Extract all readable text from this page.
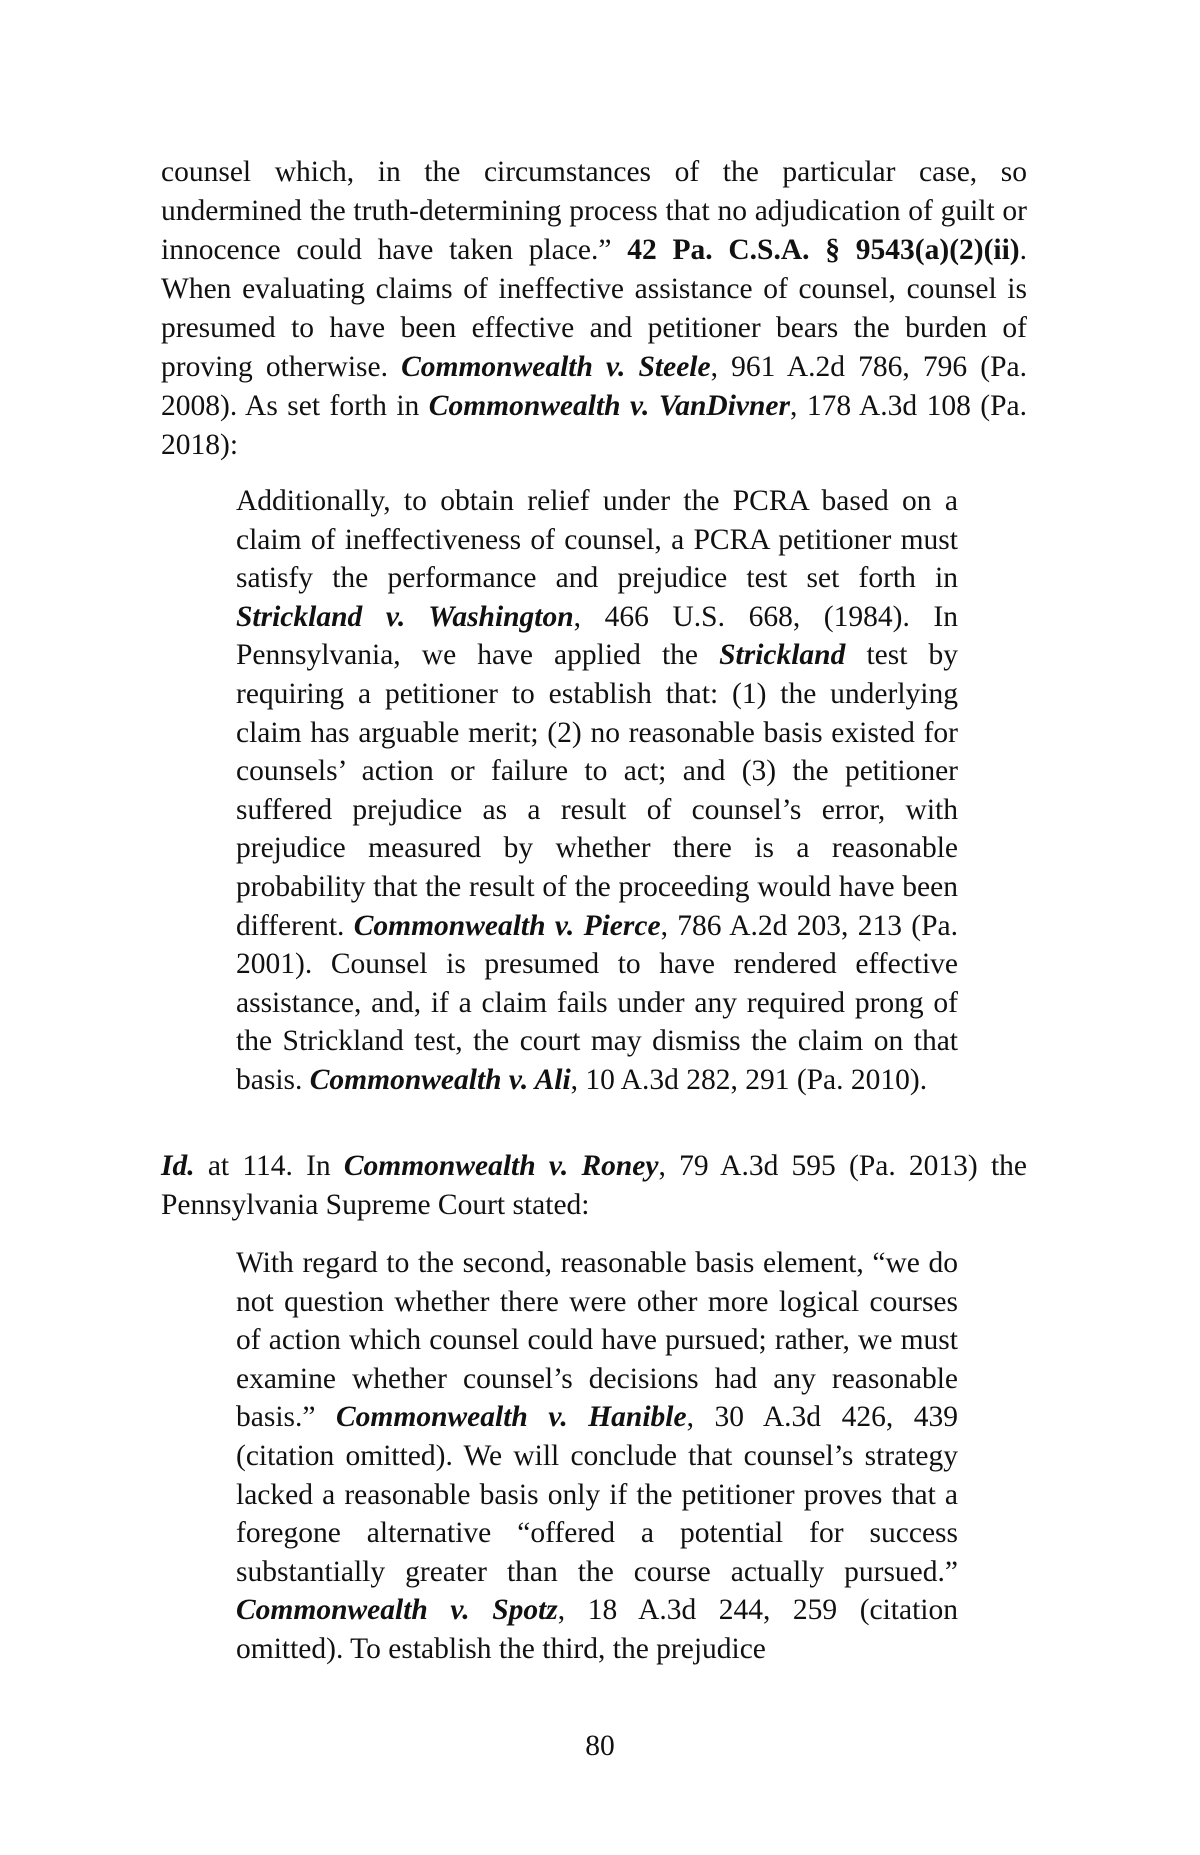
counsel which, in the circumstances of the particular case, so undermined the truth-determining process that no adjudication of guilt or innocence could have taken place.” 42 Pa. C.S.A. § 9543(a)(2)(ii). When evaluating claims of ineffective assistance of counsel, counsel is presumed to have been effective and petitioner bears the burden of proving otherwise. Commonwealth v. Steele, 961 A.2d 786, 796 (Pa. 2008). As set forth in Commonwealth v. VanDivner, 178 A.3d 108 (Pa. 2018):

Additionally, to obtain relief under the PCRA based on a claim of ineffectiveness of counsel, a PCRA petitioner must satisfy the performance and prejudice test set forth in Strickland v. Washington, 466 U.S. 668, (1984). In Pennsylvania, we have applied the Strickland test by requiring a petitioner to establish that: (1) the underlying claim has arguable merit; (2) no reasonable basis existed for counsels’ action or failure to act; and (3) the petitioner suffered prejudice as a result of counsel’s error, with prejudice measured by whether there is a reasonable probability that the result of the proceeding would have been different. Commonwealth v. Pierce, 786 A.2d 203, 213 (Pa. 2001). Counsel is presumed to have rendered effective assistance, and, if a claim fails under any required prong of the Strickland test, the court may dismiss the claim on that basis. Commonwealth v. Ali, 10 A.3d 282, 291 (Pa. 2010).

Id. at 114. In Commonwealth v. Roney, 79 A.3d 595 (Pa. 2013) the Pennsylvania Supreme Court stated:

With regard to the second, reasonable basis element, “we do not question whether there were other more logical courses of action which counsel could have pursued; rather, we must examine whether counsel’s decisions had any reasonable basis.” Commonwealth v. Hanible, 30 A.3d 426, 439 (citation omitted). We will conclude that counsel’s strategy lacked a reasonable basis only if the petitioner proves that a foregone alternative “offered a potential for success substantially greater than the course actually pursued.” Commonwealth v. Spotz, 18 A.3d 244, 259 (citation omitted). To establish the third, the prejudice

80
